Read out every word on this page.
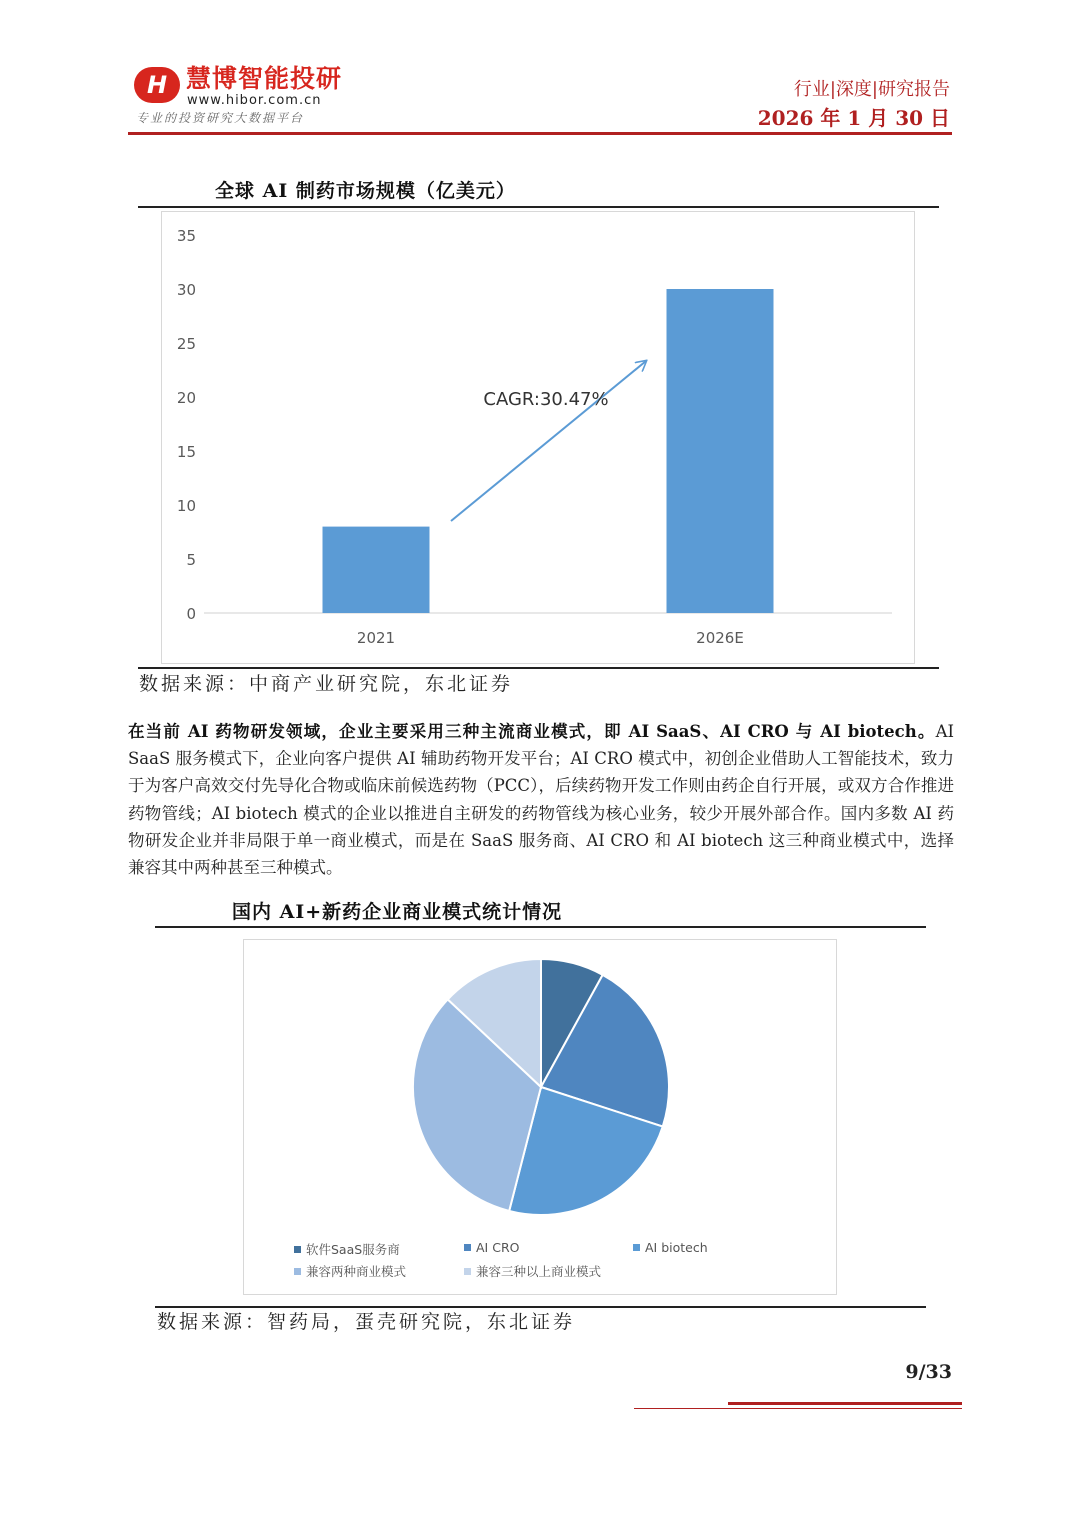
H 慧博智能投研
www.hibor.com.cn
专业的投资研究大数据平台
行业|深度|研究报告
2026 年 1 月 30 日
全球 AI 制药市场规模（亿美元）
0
5
10
15
20
25
30
35
2021	2026E
CAGR:30.47%
数据来源：中商产业研究院，东北证券
在当前 AI 药物研发领域，企业主要采用三种主流商业模式，即 AI SaaS、AI CRO 与 AI biotech。AI SaaS 服务模式下，企业向客户提供 AI 辅助药物开发平台；AI CRO 模式中，初创企业借助人工智能技术，致力于为客户高效交付先导化合物或临床前候选药物（PCC），后续药物开发工作则由药企自行开展，或双方合作推进药物管线；AI biotech 模式的企业以推进自主研发的药物管线为核心业务，较少开展外部合作。国内多数 AI 药物研发企业并非局限于单一商业模式，而是在 SaaS 服务商、AI CRO 和 AI biotech 这三种商业模式中，选择兼容其中两种甚至三种模式。
国内 AI+新药企业商业模式统计情况
软件SaaS服务商	AI CRO	AI biotech
兼容两种商业模式	兼容三种以上商业模式
数据来源：智药局，蛋壳研究院，东北证券
9/33
